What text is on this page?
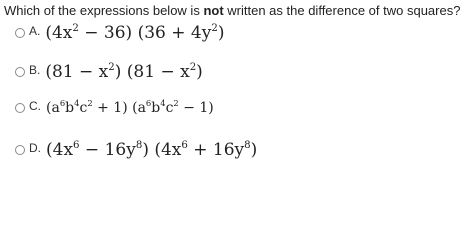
Which of the expressions below is not written as the difference of two squares?
A. $(4x^2 - 36) (36 + 4y^2)$
B. $(81 - x^2)$ $(81 - x^2)$
C. $(a^6b^4c^2 + 1) (a^6b^4c^2 - 1)$
D. $(4x^6 - 16y^8) (4x^6 + 16y^8)$
